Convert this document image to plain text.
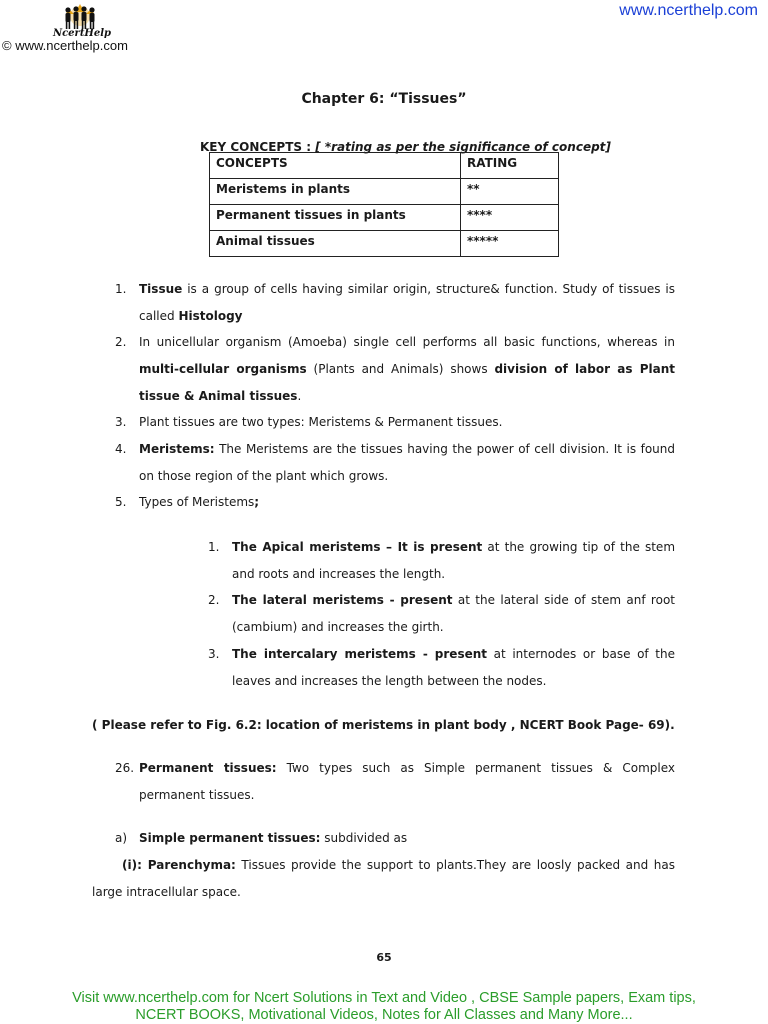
NcertHelp
© www.ncerthelp.com
www.ncerthelp.com
Chapter 6: “Tissues”
KEY CONCEPTS : [ *rating as per the significance of concept]
CONCEPTS	RATING
Meristems in plants	**
Permanent tissues in plants	****
Animal tissues	*****
1.	Tissue is a group of cells having similar origin, structure& function. Study of tissues is called Histology
2.	In unicellular organism (Amoeba) single cell performs all basic functions, whereas in multi-cellular organisms (Plants and Animals) shows division of labor as Plant tissue & Animal tissues.
3.	Plant tissues are two types: Meristems & Permanent tissues.
4.	Meristems: The Meristems are the tissues having the power of cell division. It is found on those region of the plant which grows.
5.	Types of Meristems;
1. The Apical meristems – It is present at the growing tip of the stem and roots and increases the length.
2. The lateral meristems - present at the lateral side of stem anf root (cambium) and increases the girth.
3. The intercalary meristems - present at internodes or base of the leaves and increases the length between the nodes.
( Please refer to Fig. 6.2: location of meristems in plant body , NCERT Book Page- 69).
26. Permanent tissues: Two types such as Simple permanent tissues & Complex permanent tissues.
a) Simple permanent tissues: subdivided as
(i): Parenchyma: Tissues provide the support to plants.They are loosly packed and has large intracellular space.
65
Visit www.ncerthelp.com for Ncert Solutions in Text and Video , CBSE Sample papers, Exam tips,
NCERT BOOKS, Motivational Videos, Notes for All Classes and Many More...
